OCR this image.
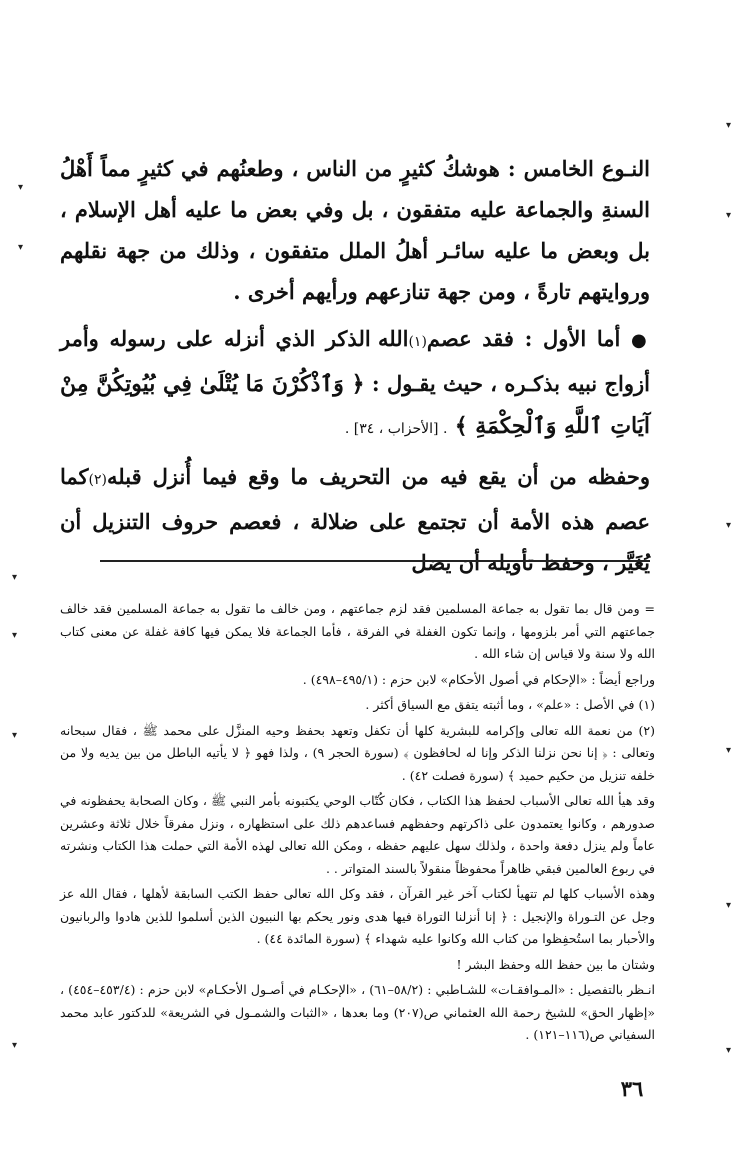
النـوع الخامس : هوشكُ كثيرٍ من الناس ، وطعنُهم في كثيرٍ مماً أَهْلُ السنةِ والجماعة عليه متفقون ، بل وفي بعض ما عليه أهل الإسلام ، بل وبعض ما عليه سائـر أهلُ الملل متفقون ، وذلك من جهة نقلهم وروايتهم تارةً ، ومن جهة تنازعهم ورأيهم أخرى .

● أما الأول : فقد عصم(١)الله الذكر الذي أنزله على رسوله وأمر أزواج نبيه بذكـره ، حيث يقـول : ﴿ وَٱذْكُرْنَ مَا يُتْلَىٰ فِي بُيُوتِكُنَّ مِنْ آيَاتِ ٱللَّهِ وَٱلْحِكْمَةِ ﴾ . [الأحزاب ، ٣٤] .

وحفظه من أن يقع فيه من التحريف ما وقع فيما أُنزل قبله(٢)كما عصم هذه الأمة أن تجتمع على ضلالة ، فعصم حروف التنزيل أن يُغَيَّر ، وحفظ تأويله أن يضل

= ومن قال بما تقول به جماعة المسلمين فقد لزم جماعتهم ، ومن خالف ما تقول به جماعة المسلمين فقد خالف جماعتهم التي أمر بلزومها ، وإنما تكون الغفلة في الفرقة ، فأما الجماعة فلا يمكن فيها كافة غفلة عن معنى كتاب الله ولا سنة ولا قياس إن شاء الله .

وراجع أيضاً : «الإحكام في أصول الأحكام» لابن حزم : (٤٩٥/١–٤٩٨) .

(١) في الأصل : «علم» ، وما أثبته يتفق مع السياق أكثر .

(٢) من نعمة الله تعالى وإكرامه للبشرية كلها أن تكفل وتعهد بحفظ وحيه المنزَّل على محمد ﷺ ، فقال سبحانه وتعالى : ﴿ إنا نحن نزلنا الذكر وإنا له لحافظون ﴾ (سورة الحجر ٩) ، ولذا فهو ﴿ لا يأتيه الباطل من بين يديه ولا من خلفه تنزيل من حكيم حميد ﴾ (سورة فصلت ٤٢) .

وقد هيأ الله تعالى الأسباب لحفظ هذا الكتاب ، فكان كُتّاب الوحي يكتبونه بأمر النبي ﷺ ، وكان الصحابة يحفظونه في صدورهم ، وكانوا يعتمدون على ذاكرتهم وحفظهم فساعدهم ذلك على استظهاره ، ونزل مفرقاً خلال ثلاثة وعشرين عاماً ولم ينزل دفعة واحدة ، ولذلك سهل عليهم حفظه ، ومكن الله تعالى لهذه الأمة التي حملت هذا الكتاب ونشرته في ربوع العالمين فبقي ظاهراً محفوظاً منقولاً بالسند المتواتر . .

وهذه الأسباب كلها لم تتهيأ لكتاب آخر غير القرآن ، فقد وكل الله تعالى حفظ الكتب السابقة لأهلها ، فقال الله عز وجل عن التـوراة والإنجيل : ﴿ إنا أنزلنا التوراة فيها هدى ونور يحكم بها النبيون الذين أسلموا للذين هادوا والربانيون والأحبار بما استُحفِظوا من كتاب الله وكانوا عليه شهداء ﴾ (سورة المائدة ٤٤) .

وشتان ما بين حفظ الله وحفظ البشر !

انـظر بالتفصيل : «المـوافقـات» للشـاطبي : (٥٨/٢–٦١) ، «الإحكـام في أصـول الأحكـام» لابن حزم : (٤٥٣/٤–٤٥٤) ، «إظهار الحق» للشيخ رحمة الله العثماني ص(٢٠٧) وما بعدها ، «الثبات والشمـول في الشريعة» للدكتور عابد محمد السفياني ص(١١٦–١٢١) .

٣٦
▾
▾
▾
▾
▾
▾
▾
▾
▾
▾
▾
▾
